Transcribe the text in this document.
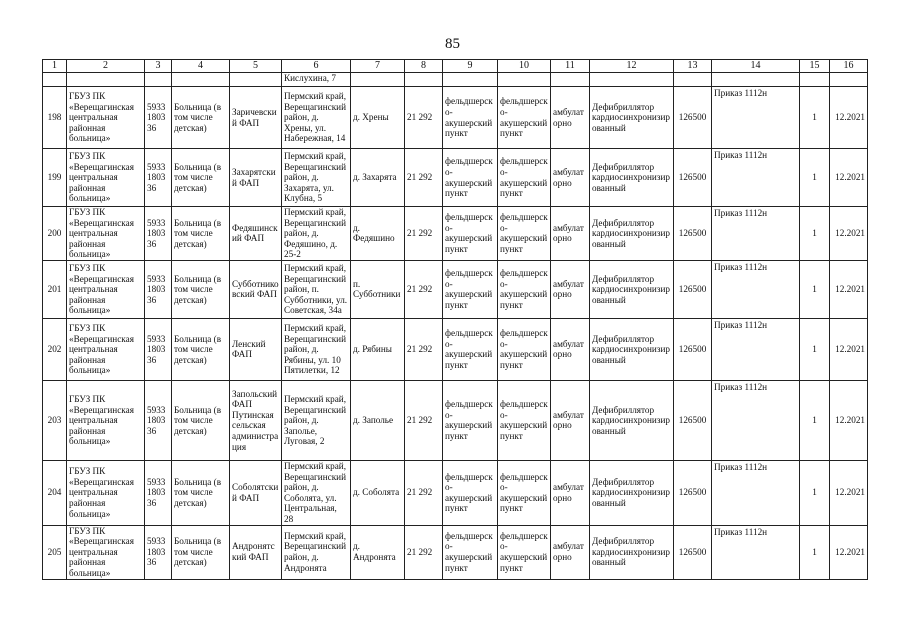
85
1	2	3	4	5	6	7	8	9	10	11	12	13	14	15	16
					Кислухина, 7										
198	ГБУЗ ПК «Верещагинская центральная районная больница»	5933180336	Больница (в том числе детская)	Заричевский ФАП	Пермский край, Верещагинский район, д. Хрены, ул. Набережная, 14	д. Хрены	21 292	фельдшерско-акушерский пункт	фельдшерско-акушерский пункт	амбулаторно	Дефибриллятор кардиосинхронизированный	126500	Приказ 1112н	1	12.2021
199	ГБУЗ ПК «Верещагинская центральная районная больница»	5933180336	Больница (в том числе детская)	Захарятский ФАП	Пермский край, Верещагинский район, д. Захарята, ул. Клубна, 5	д. Захарята	21 292	фельдшерско-акушерский пункт	фельдшерско-акушерский пункт	амбулаторно	Дефибриллятор кардиосинхронизированный	126500	Приказ 1112н	1	12.2021
200	ГБУЗ ПК «Верещагинская центральная районная больница»	5933180336	Больница (в том числе детская)	Федяшинский ФАП	Пермский край, Верещагинский район, д. Федяшино, д. 25-2	д. Федяшино	21 292	фельдшерско-акушерский пункт	фельдшерско-акушерский пункт	амбулаторно	Дефибриллятор кардиосинхронизированный	126500	Приказ 1112н	1	12.2021
201	ГБУЗ ПК «Верещагинская центральная районная больница»	5933180336	Больница (в том числе детская)	Субботниковский ФАП	Пермский край, Верещагинский район, п. Субботники, ул. Советская, 34а	п. Субботники	21 292	фельдшерско-акушерский пункт	фельдшерско-акушерский пункт	амбулаторно	Дефибриллятор кардиосинхронизированный	126500	Приказ 1112н	1	12.2021
202	ГБУЗ ПК «Верещагинская центральная районная больница»	5933180336	Больница (в том числе детская)	Ленский ФАП	Пермский край, Верещагинский район, д. Рябины, ул. 10 Пятилетки, 12	д. Рябины	21 292	фельдшерско-акушерский пункт	фельдшерско-акушерский пункт	амбулаторно	Дефибриллятор кардиосинхронизированный	126500	Приказ 1112н	1	12.2021
203	ГБУЗ ПК «Верещагинская центральная районная больница»	5933180336	Больница (в том числе детская)	Запольский ФАП Путинская сельская администрация	Пермский край, Верещагинский район, д. Заполье, Луговая, 2	д. Заполье	21 292	фельдшерско-акушерский пункт	фельдшерско-акушерский пункт	амбулаторно	Дефибриллятор кардиосинхронизированный	126500	Приказ 1112н	1	12.2021
204	ГБУЗ ПК «Верещагинская центральная районная больница»	5933180336	Больница (в том числе детская)	Соболятский ФАП	Пермский край, Верещагинский район, д. Соболята, ул. Центральная, 28	д. Соболята	21 292	фельдшерско-акушерский пункт	фельдшерско-акушерский пункт	амбулаторно	Дефибриллятор кардиосинхронизированный	126500	Приказ 1112н	1	12.2021
205	ГБУЗ ПК «Верещагинская центральная районная больница»	5933180336	Больница (в том числе детская)	Андронятский ФАП	Пермский край, Верещагинский район, д. Андронята	д. Андронята	21 292	фельдшерско-акушерский пункт	фельдшерско-акушерский пункт	амбулаторно	Дефибриллятор кардиосинхронизированный	126500	Приказ 1112н	1	12.2021
